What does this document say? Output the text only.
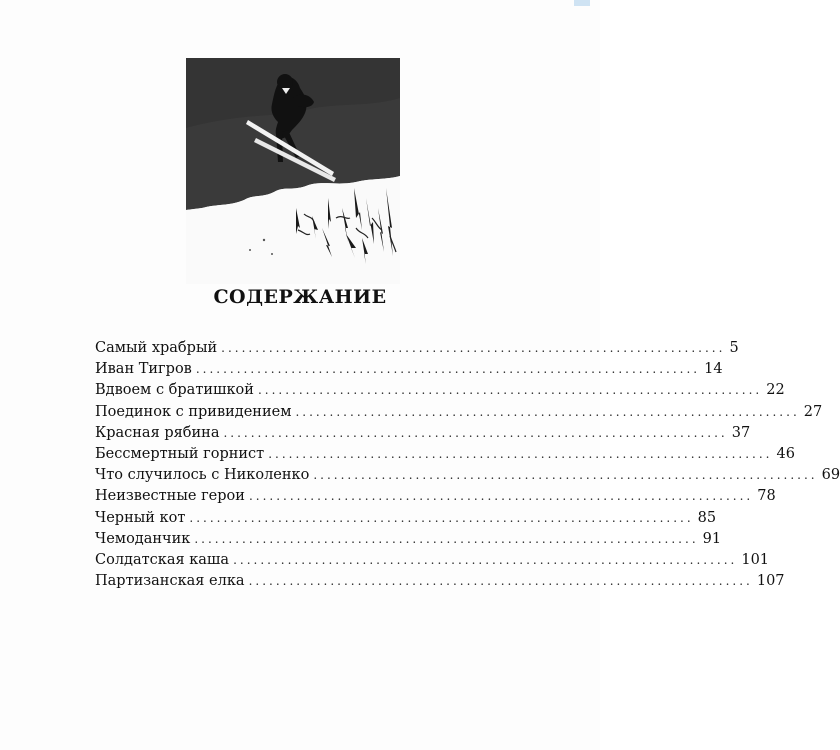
СОДЕРЖАНИЕ
Самый храбрый .......................................................................... 5
Иван Тигров .......................................................................... 14
Вдвоем с братишкой .......................................................................... 22
Поединок с привидением .......................................................................... 27
Красная рябина .......................................................................... 37
Бессмертный горнист .......................................................................... 46
Что случилось с Николенко .......................................................................... 69
Неизвестные герои .......................................................................... 78
Черный кот .......................................................................... 85
Чемоданчик .......................................................................... 91
Солдатская каша .......................................................................... 101
Партизанская елка .......................................................................... 107
